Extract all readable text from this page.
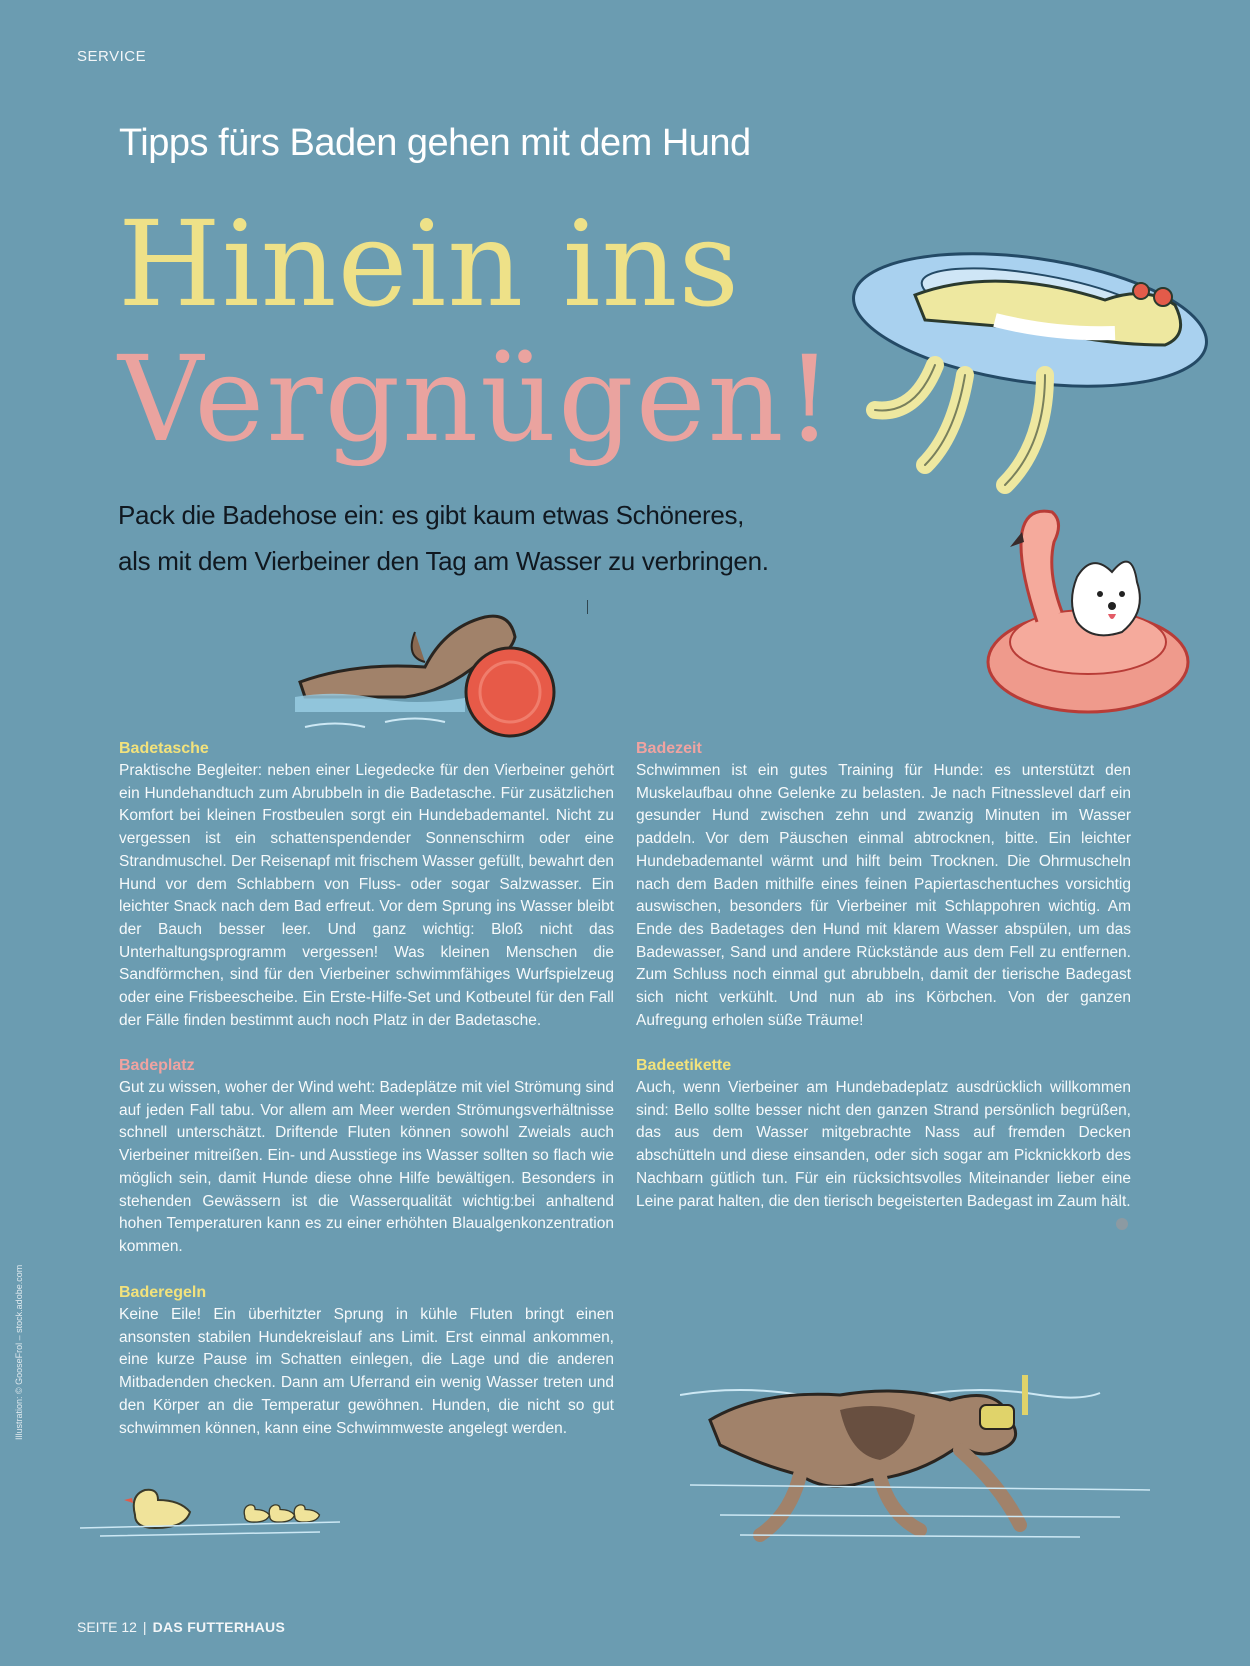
SERVICE
Tipps fürs Baden gehen mit dem Hund
Hinein ins
Vergnügen!
Pack die Badehose ein: es gibt kaum etwas Schöneres,
als mit dem Vierbeiner den Tag am Wasser zu verbringen.
Badetasche

Praktische Begleiter: neben einer Liegedecke für den Vierbeiner gehört ein Hundehandtuch zum Abrubbeln in die Badetasche. Für zusätzlichen Komfort bei kleinen Frostbeulen sorgt ein Hundebademantel. Nicht zu vergessen ist ein schattenspendender Sonnenschirm oder eine Strandmuschel. Der Reisenapf mit frischem Wasser gefüllt, bewahrt den Hund vor dem Schlabbern von Fluss- oder sogar Salzwasser. Ein leichter Snack nach dem Bad erfreut. Vor dem Sprung ins Wasser bleibt der Bauch besser leer. Und ganz wichtig: Bloß nicht das Unterhaltungsprogramm vergessen! Was kleinen Menschen die Sandförmchen, sind für den Vierbeiner schwimmfähiges Wurfspielzeug oder eine Frisbeescheibe. Ein Erste-Hilfe-Set und Kotbeutel für den Fall der Fälle finden bestimmt auch noch Platz in der Badetasche.

Badeplatz

Gut zu wissen, woher der Wind weht: Badeplätze mit viel Strömung sind auf jeden Fall tabu. Vor allem am Meer werden Strömungsverhältnisse schnell unterschätzt. Driftende Fluten können sowohl Zweials auch Vierbeiner mitreißen. Ein- und Ausstiege ins Wasser sollten so flach wie möglich sein, damit Hunde diese ohne Hilfe bewältigen. Besonders in stehenden Gewässern ist die Wasserqualität wichtig:bei anhaltend hohen Temperaturen kann es zu einer erhöhten Blaualgenkonzentration kommen.

Baderegeln

Keine Eile! Ein überhitzter Sprung in kühle Fluten bringt einen ansonsten stabilen Hundekreislauf ans Limit. Erst einmal ankommen, eine kurze Pause im Schatten einlegen, die Lage und die anderen Mitbadenden checken. Dann am Uferrand ein wenig Wasser treten und den Körper an die Temperatur gewöhnen. Hunden, die nicht so gut schwimmen können, kann eine Schwimmweste angelegt werden.

Badezeit

Schwimmen ist ein gutes Training für Hunde: es unterstützt den Muskelaufbau ohne Gelenke zu belasten. Je nach Fitnesslevel darf ein gesunder Hund zwischen zehn und zwanzig Minuten im Wasser paddeln. Vor dem Päuschen einmal abtrocknen, bitte. Ein leichter Hundebademantel wärmt und hilft beim Trocknen. Die Ohrmuscheln nach dem Baden mithilfe eines feinen Papiertaschentuches vorsichtig auswischen, besonders für Vierbeiner mit Schlappohren wichtig. Am Ende des Badetages den Hund mit klarem Wasser abspülen, um das Badewasser, Sand und andere Rückstände aus dem Fell zu entfernen. Zum Schluss noch einmal gut abrubbeln, damit der tierische Badegast sich nicht verkühlt. Und nun ab ins Körbchen. Von der ganzen Aufregung erholen süße Träume!

Badeetikette

Auch, wenn Vierbeiner am Hundebadeplatz ausdrücklich willkommen sind: Bello sollte besser nicht den ganzen Strand persönlich begrüßen, das aus dem Wasser mitgebrachte Nass auf fremden Decken abschütteln und diese einsanden, oder sich sogar am Picknickkorb des Nachbarn gütlich tun. Für ein rücksichtsvolles Miteinander lieber eine Leine parat halten, die den tierisch begeisterten Badegast im Zaum hält.

Illustration: © GooseFrol – stock.adobe.com
SEITE 12 | DAS FUTTERHAUS
